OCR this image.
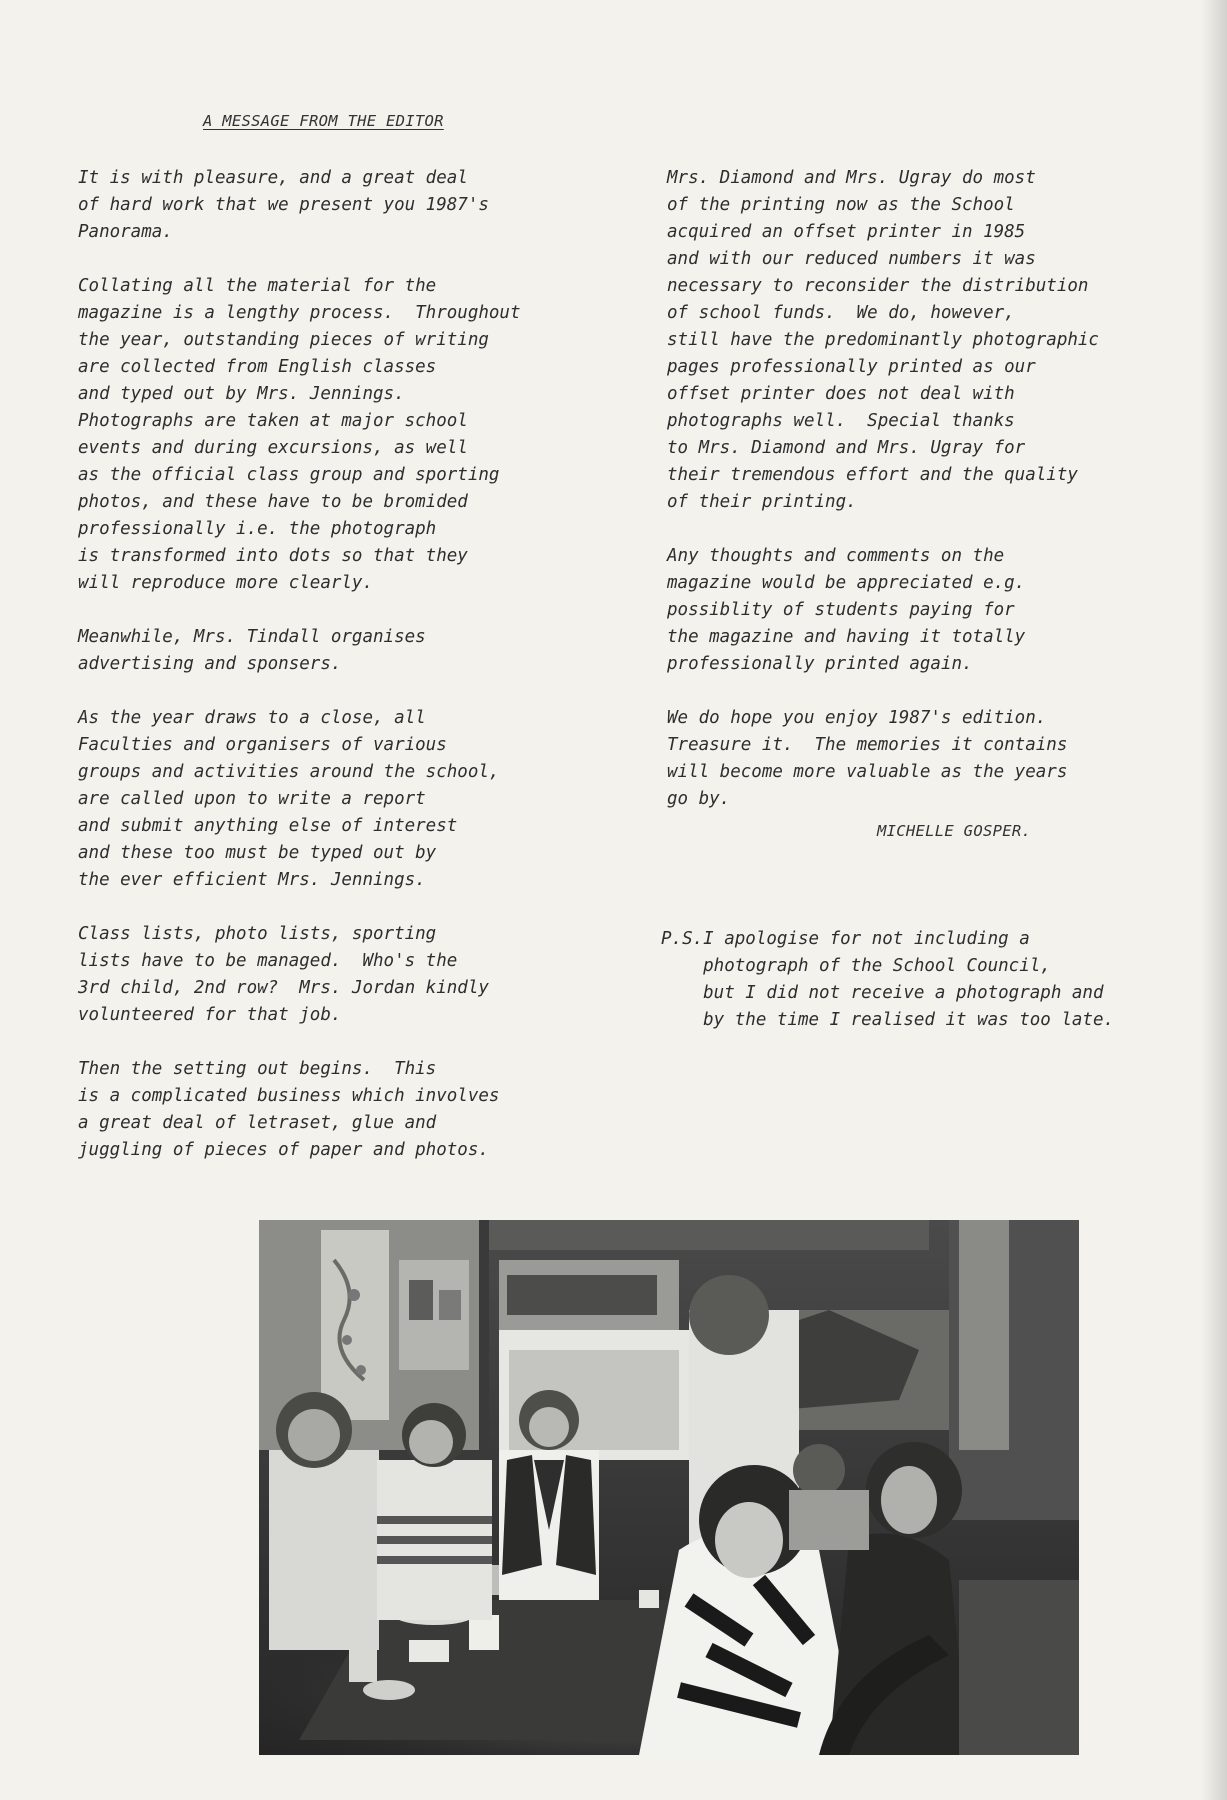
A MESSAGE FROM THE EDITOR

It is with pleasure, and a great deal
of hard work that we present you 1987's
Panorama.

Collating all the material for the
magazine is a lengthy process.  Throughout
the year, outstanding pieces of writing
are collected from English classes
and typed out by Mrs. Jennings.
Photographs are taken at major school
events and during excursions, as well
as the official class group and sporting
photos, and these have to be bromided
professionally i.e. the photograph
is transformed into dots so that they
will reproduce more clearly.

Meanwhile, Mrs. Tindall organises
advertising and sponsers.

As the year draws to a close, all
Faculties and organisers of various
groups and activities around the school,
are called upon to write a report
and submit anything else of interest
and these too must be typed out by
the ever efficient Mrs. Jennings.

Class lists, photo lists, sporting
lists have to be managed.  Who's the
3rd child, 2nd row?  Mrs. Jordan kindly
volunteered for that job.

Then the setting out begins.  This
is a complicated business which involves
a great deal of letraset, glue and
juggling of pieces of paper and photos.

Mrs. Diamond and Mrs. Ugray do most
of the printing now as the School
acquired an offset printer in 1985
and with our reduced numbers it was
necessary to reconsider the distribution
of school funds.  We do, however,
still have the predominantly photographic
pages professionally printed as our
offset printer does not deal with
photographs well.  Special thanks
to Mrs. Diamond and Mrs. Ugray for
their tremendous effort and the quality
of their printing.

Any thoughts and comments on the
magazine would be appreciated e.g.
possiblity of students paying for
the magazine and having it totally
professionally printed again.

We do hope you enjoy 1987's edition.
Treasure it.  The memories it contains
will become more valuable as the years
go by.

MICHELLE GOSPER.
P.S.I apologise for not including a
photograph of the School Council,
but I did not receive a photograph and
by the time I realised it was too late.
